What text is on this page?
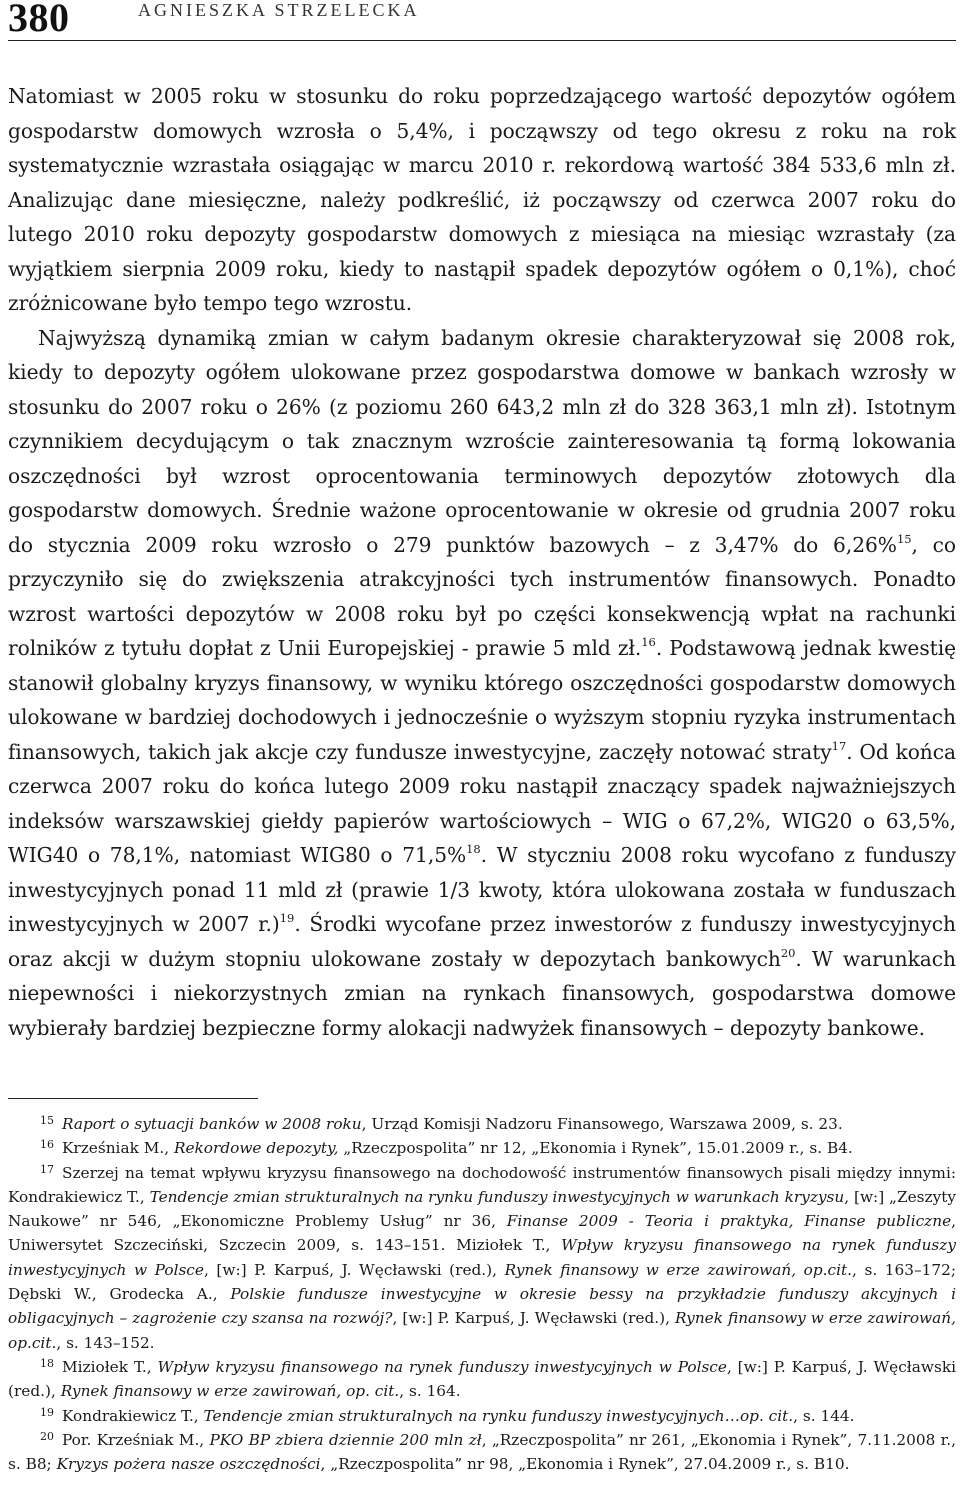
380	AGNIESZKA STRZELECKA

Natomiast w 2005 roku w stosunku do roku poprzedzającego wartość depozytów ogółem gospodarstw domowych wzrosła o 5,4%, i począwszy od tego okresu z roku na rok systematycznie wzrastała osiągając w marcu 2010 r. rekordową wartość 384 533,6 mln zł. Analizując dane miesięczne, należy podkreślić, iż począwszy od czerwca 2007 roku do lutego 2010 roku depozyty gospodarstw domowych z miesiąca na miesiąc wzrastały (za wyjątkiem sierpnia 2009 roku, kiedy to nastąpił spadek depozytów ogółem o 0,1%), choć zróżnicowane było tempo tego wzrostu.

Najwyższą dynamiką zmian w całym badanym okresie charakteryzował się 2008 rok, kiedy to depozyty ogółem ulokowane przez gospodarstwa domowe w bankach wzrosły w stosunku do 2007 roku o 26% (z poziomu 260 643,2 mln zł do 328 363,1 mln zł). Istotnym czynnikiem decydującym o tak znacznym wzroście zainteresowania tą formą lokowania oszczędności był wzrost oprocentowania terminowych depozytów złotowych dla gospodarstw domowych. Średnie ważone oprocentowanie w okresie od grudnia 2007 roku do stycznia 2009 roku wzrosło o 279 punktów bazowych – z 3,47% do 6,26%$^{15}$, co przyczyniło się do zwiększenia atrakcyjności tych instrumentów finansowych. Ponadto wzrost wartości depozytów w 2008 roku był po części konsekwencją wpłat na rachunki rolników z tytułu dopłat z Unii Europejskiej - prawie 5 mld zł.$^{16}$. Podstawową jednak kwestię stanowił globalny kryzys finansowy, w wyniku którego oszczędności gospodarstw domowych ulokowane w bardziej dochodowych i jednocześnie o wyższym stopniu ryzyka instrumentach finansowych, takich jak akcje czy fundusze inwestycyjne, zaczęły notować straty$^{17}$. Od końca czerwca 2007 roku do końca lutego 2009 roku nastąpił znaczący spadek najważniejszych indeksów warszawskiej giełdy papierów wartościowych – WIG o 67,2%, WIG20 o 63,5%, WIG40 o 78,1%, natomiast WIG80 o 71,5%$^{18}$. W styczniu 2008 roku wycofano z funduszy inwestycyjnych ponad 11 mld zł (prawie 1/3 kwoty, która ulokowana została w funduszach inwestycyjnych w 2007 r.)$^{19}$. Środki wycofane przez inwestorów z funduszy inwestycyjnych oraz akcji w dużym stopniu ulokowane zostały w depozytach bankowych$^{20}$. W warunkach niepewności i niekorzystnych zmian na rynkach finansowych, gospodarstwa domowe wybierały bardziej bezpieczne formy alokacji nadwyżek finansowych – depozyty bankowe.

$^{15}$ Raport o sytuacji banków w 2008 roku, Urząd Komisji Nadzoru Finansowego, Warszawa 2009, s. 23.

$^{16}$ Krześniak M., Rekordowe depozyty, „Rzeczpospolita” nr 12, „Ekonomia i Rynek”, 15.01.2009 r., s. B4.

$^{17}$ Szerzej na temat wpływu kryzysu finansowego na dochodowość instrumentów finansowych pisali między innymi: Kondrakiewicz T., Tendencje zmian strukturalnych na rynku funduszy inwestycyjnych w warunkach kryzysu, [w:] „Zeszyty Naukowe” nr 546, „Ekonomiczne Problemy Usług” nr 36, Finanse 2009 - Teoria i praktyka, Finanse publiczne, Uniwersytet Szczeciński, Szczecin 2009, s. 143–151. Miziołek T., Wpływ kryzysu finansowego na rynek funduszy inwestycyjnych w Polsce, [w:] P. Karpuś, J. Węcławski (red.), Rynek finansowy w erze zawirowań, op.cit., s. 163–172; Dębski W., Grodecka A., Polskie fundusze inwestycyjne w okresie bessy na przykładzie funduszy akcyjnych i obligacyjnych – zagrożenie czy szansa na rozwój?, [w:] P. Karpuś, J. Węcławski (red.), Rynek finansowy w erze zawirowań, op.cit., s. 143–152.

$^{18}$ Miziołek T., Wpływ kryzysu finansowego na rynek funduszy inwestycyjnych w Polsce, [w:] P. Karpuś, J. Węcławski (red.), Rynek finansowy w erze zawirowań, op. cit., s. 164.

$^{19}$ Kondrakiewicz T., Tendencje zmian strukturalnych na rynku funduszy inwestycyjnych…op. cit., s. 144.

$^{20}$ Por. Krześniak M., PKO BP zbiera dziennie 200 mln zł, „Rzeczpospolita” nr 261, „Ekonomia i Rynek”, 7.11.2008 r., s. B8; Kryzys pożera nasze oszczędności, „Rzeczpospolita” nr 98, „Ekonomia i Rynek”, 27.04.2009 r., s. B10.
